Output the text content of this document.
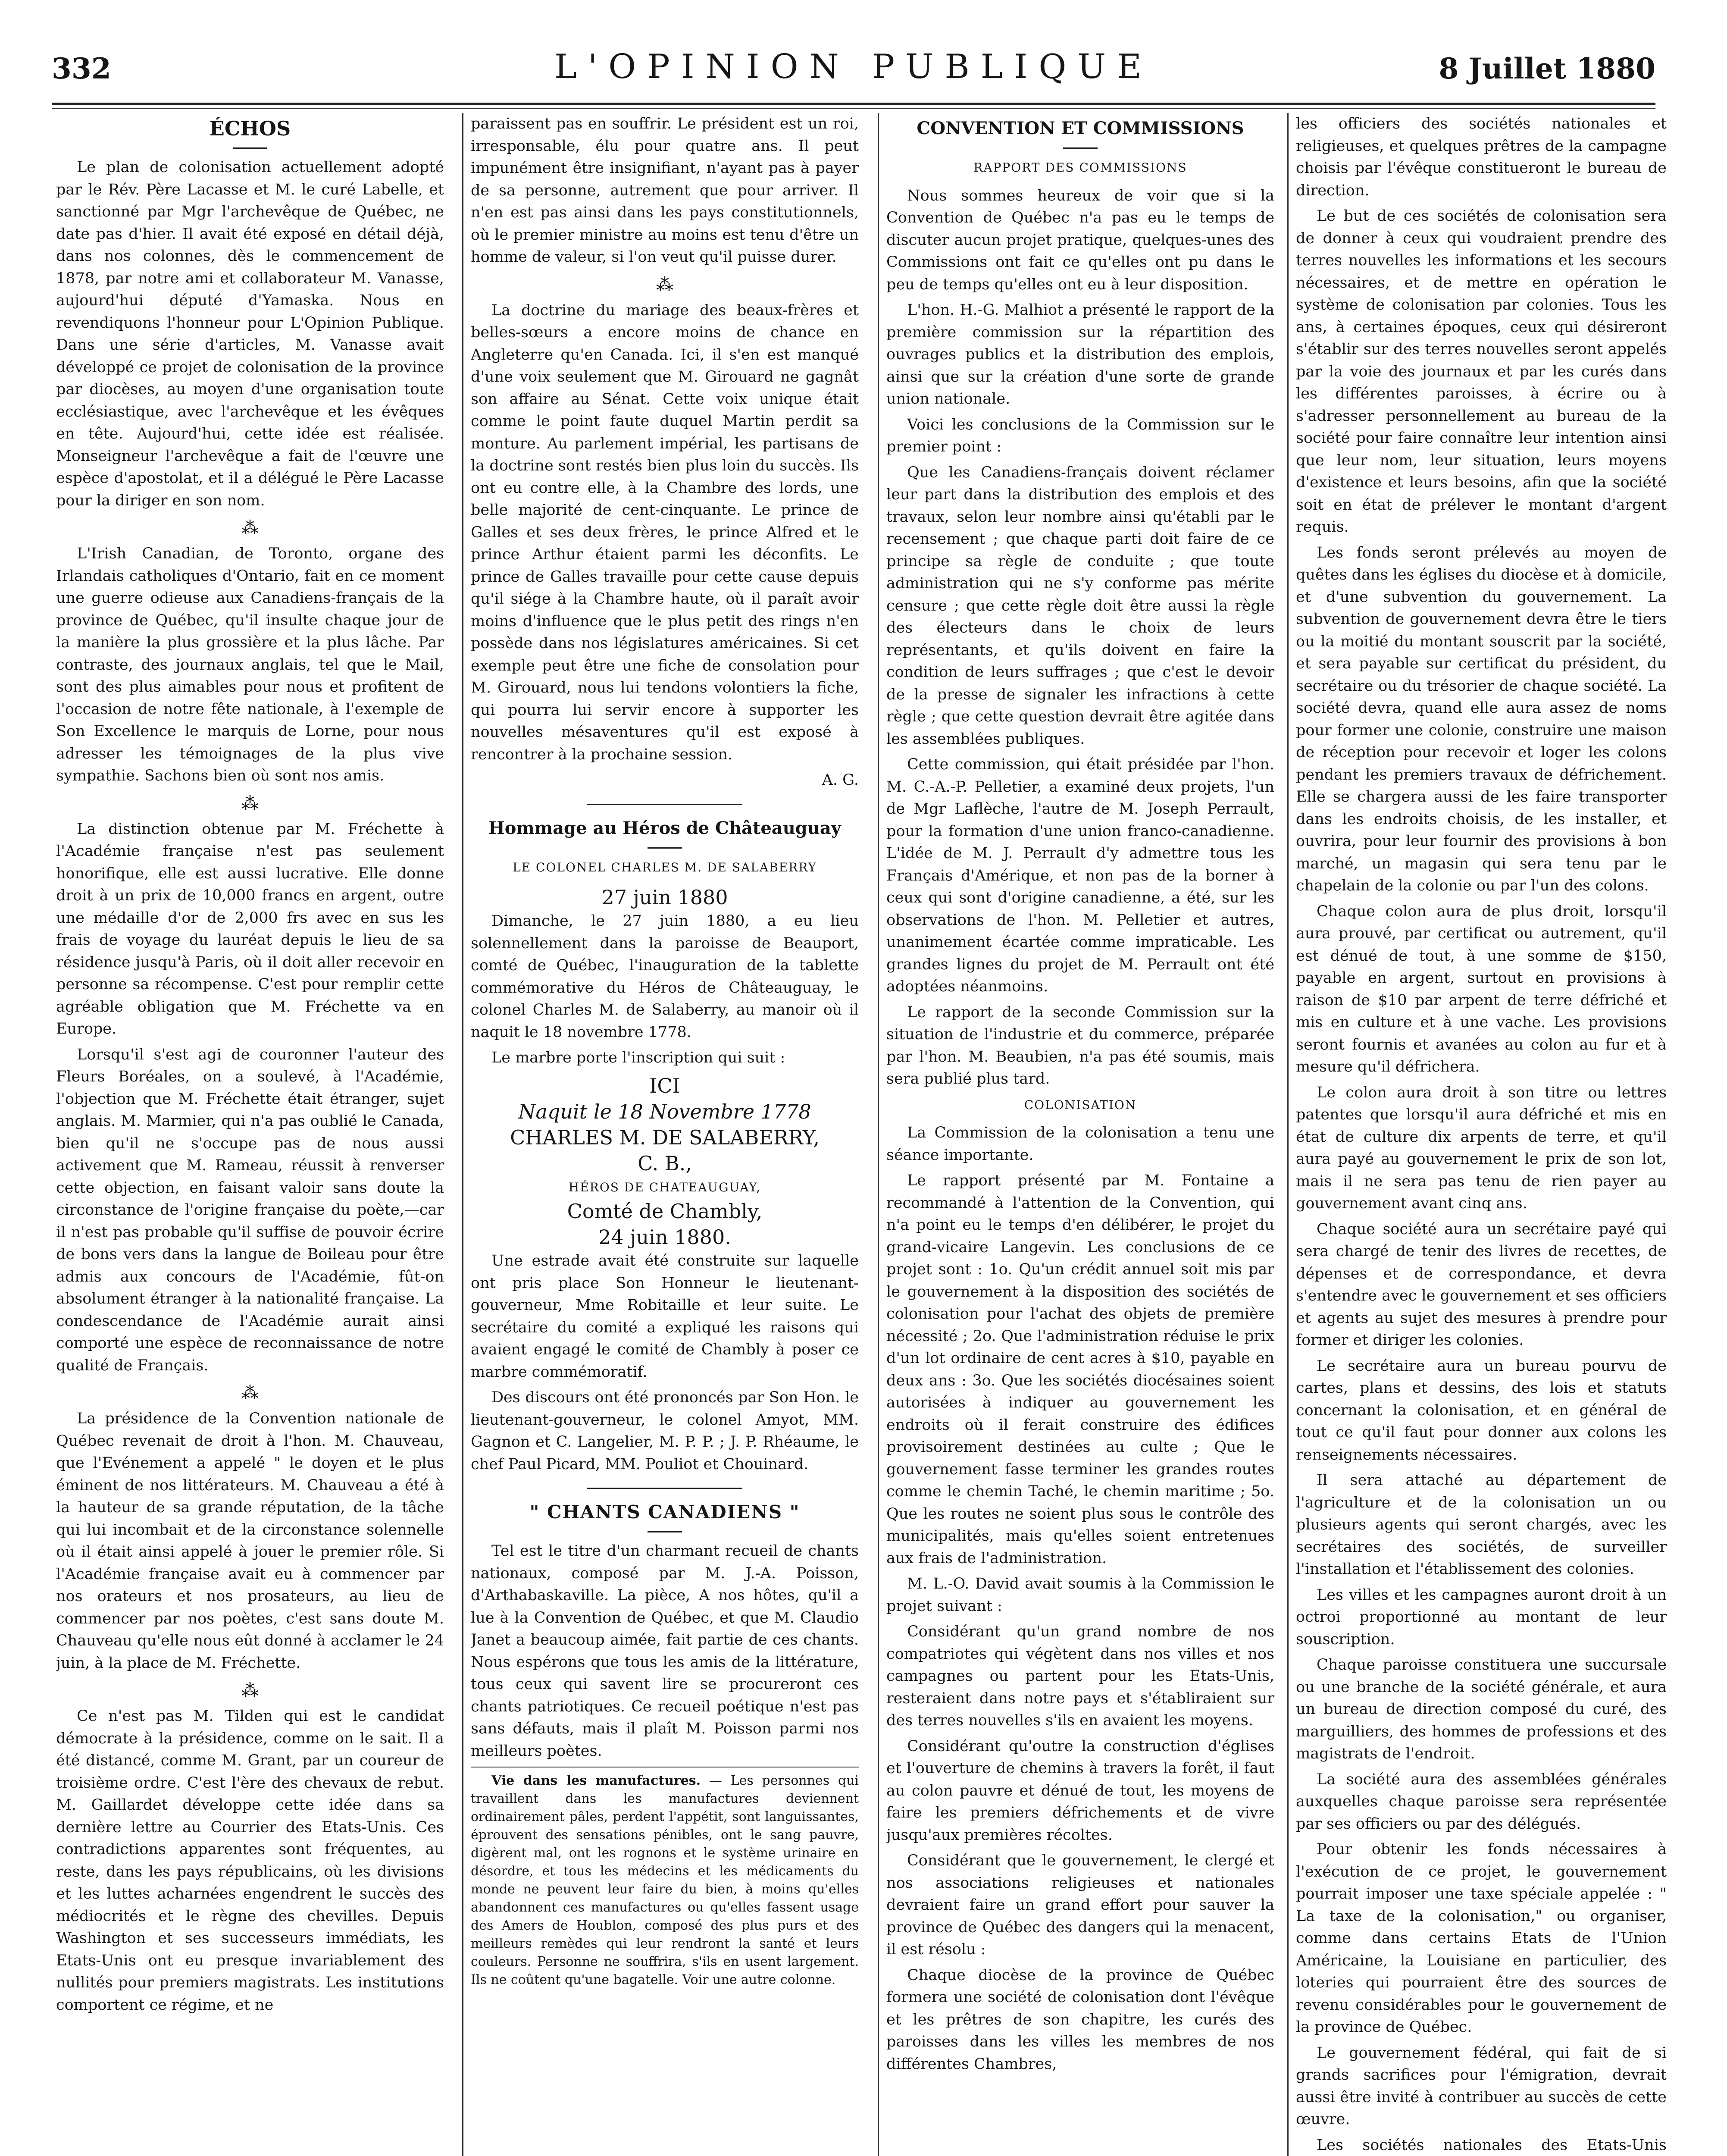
332	L'OPINION PUBLIQUE	8 Juillet 1880
ÉCHOS

Le plan de colonisation actuellement adopté par le Rév. Père Lacasse et M. le curé Labelle, et sanctionné par Mgr l'archevêque de Québec, ne date pas d'hier. Il avait été exposé en détail déjà, dans nos colonnes, dès le commencement de 1878, par notre ami et collaborateur M. Vanasse, aujourd'hui député d'Yamaska. Nous en revendiquons l'honneur pour L'Opinion Publique. Dans une série d'articles, M. Vanasse avait développé ce projet de colonisation de la province par diocèses, au moyen d'une organisation toute ecclésiastique, avec l'archevêque et les évêques en tête. Aujourd'hui, cette idée est réalisée. Monseigneur l'archevêque a fait de l'œuvre une espèce d'apostolat, et il a délégué le Père Lacasse pour la diriger en son nom.

⁂

L'Irish Canadian, de Toronto, organe des Irlandais catholiques d'Ontario, fait en ce moment une guerre odieuse aux Canadiens-français de la province de Québec, qu'il insulte chaque jour de la manière la plus grossière et la plus lâche. Par contraste, des journaux anglais, tel que le Mail, sont des plus aimables pour nous et profitent de l'occasion de notre fête nationale, à l'exemple de Son Excellence le marquis de Lorne, pour nous adresser les témoignages de la plus vive sympathie. Sachons bien où sont nos amis.

⁂

La distinction obtenue par M. Fréchette à l'Académie française n'est pas seulement honorifique, elle est aussi lucrative. Elle donne droit à un prix de 10,000 francs en argent, outre une médaille d'or de 2,000 frs avec en sus les frais de voyage du lauréat depuis le lieu de sa résidence jusqu'à Paris, où il doit aller recevoir en personne sa récompense. C'est pour remplir cette agréable obligation que M. Fréchette va en Europe.

Lorsqu'il s'est agi de couronner l'auteur des Fleurs Boréales, on a soulevé, à l'Académie, l'objection que M. Fréchette était étranger, sujet anglais. M. Marmier, qui n'a pas oublié le Canada, bien qu'il ne s'occupe pas de nous aussi activement que M. Rameau, réussit à renverser cette objection, en faisant valoir sans doute la circonstance de l'origine française du poète,—car il n'est pas probable qu'il suffise de pouvoir écrire de bons vers dans la langue de Boileau pour être admis aux concours de l'Académie, fût-on absolument étranger à la nationalité française. La condescendance de l'Académie aurait ainsi comporté une espèce de reconnaissance de notre qualité de Français.

⁂

La présidence de la Convention nationale de Québec revenait de droit à l'hon. M. Chauveau, que l'Evénement a appelé " le doyen et le plus éminent de nos littérateurs. M. Chauveau a été à la hauteur de sa grande réputation, de la tâche qui lui incombait et de la circonstance solennelle où il était ainsi appelé à jouer le premier rôle. Si l'Académie française avait eu à commencer par nos orateurs et nos prosateurs, au lieu de commencer par nos poètes, c'est sans doute M. Chauveau qu'elle nous eût donné à acclamer le 24 juin, à la place de M. Fréchette.

⁂

Ce n'est pas M. Tilden qui est le candidat démocrate à la présidence, comme on le sait. Il a été distancé, comme M. Grant, par un coureur de troisième ordre. C'est l'ère des chevaux de rebut. M. Gaillardet développe cette idée dans sa dernière lettre au Courrier des Etats-Unis. Ces contradictions apparentes sont fréquentes, au reste, dans les pays républicains, où les divisions et les luttes acharnées engendrent le succès des médiocrités et le règne des chevilles. Depuis Washington et ses successeurs immédiats, les Etats-Unis ont eu presque invariablement des nullités pour premiers magistrats. Les institutions comportent ce régime, et ne

paraissent pas en souffrir. Le président est un roi, irresponsable, élu pour quatre ans. Il peut impunément être insignifiant, n'ayant pas à payer de sa personne, autrement que pour arriver. Il n'en est pas ainsi dans les pays constitutionnels, où le premier ministre au moins est tenu d'être un homme de valeur, si l'on veut qu'il puisse durer.

⁂

La doctrine du mariage des beaux-frères et belles-sœurs a encore moins de chance en Angleterre qu'en Canada. Ici, il s'en est manqué d'une voix seulement que M. Girouard ne gagnât son affaire au Sénat. Cette voix unique était comme le point faute duquel Martin perdit sa monture. Au parlement impérial, les partisans de la doctrine sont restés bien plus loin du succès. Ils ont eu contre elle, à la Chambre des lords, une belle majorité de cent-cinquante. Le prince de Galles et ses deux frères, le prince Alfred et le prince Arthur étaient parmi les déconfits. Le prince de Galles travaille pour cette cause depuis qu'il siége à la Chambre haute, où il paraît avoir moins d'influence que le plus petit des rings n'en possède dans nos législatures américaines. Si cet exemple peut être une fiche de consolation pour M. Girouard, nous lui tendons volontiers la fiche, qui pourra lui servir encore à supporter les nouvelles mésaventures qu'il est exposé à rencontrer à la prochaine session.

A. G.
Hommage au Héros de Châteauguay
LE COLONEL CHARLES M. DE SALABERRY
27 juin 1880

Dimanche, le 27 juin 1880, a eu lieu solennellement dans la paroisse de Beauport, comté de Québec, l'inauguration de la tablette commémorative du Héros de Châteauguay, le colonel Charles M. de Salaberry, au manoir où il naquit le 18 novembre 1778.

Le marbre porte l'inscription qui suit :

ICI
Naquit le 18 Novembre 1778
CHARLES M. DE SALABERRY,
C. B.,
HÉROS DE CHATEAUGUAY,
Comté de Chambly,
24 juin 1880.

Une estrade avait été construite sur laquelle ont pris place Son Honneur le lieutenant-gouverneur, Mme Robitaille et leur suite. Le secrétaire du comité a expliqué les raisons qui avaient engagé le comité de Chambly à poser ce marbre commémoratif.

Des discours ont été prononcés par Son Hon. le lieutenant-gouverneur, le colonel Amyot, MM. Gagnon et C. Langelier, M. P. P. ; J. P. Rhéaume, le chef Paul Picard, MM. Pouliot et Chouinard.

" CHANTS CANADIENS "

Tel est le titre d'un charmant recueil de chants nationaux, composé par M. J.-A. Poisson, d'Arthabaskaville. La pièce, A nos hôtes, qu'il a lue à la Convention de Québec, et que M. Claudio Janet a beaucoup aimée, fait partie de ces chants. Nous espérons que tous les amis de la littérature, tous ceux qui savent lire se procureront ces chants patriotiques. Ce recueil poétique n'est pas sans défauts, mais il plaît M. Poisson parmi nos meilleurs poètes.

Vie dans les manufactures. — Les personnes qui travaillent dans les manufactures deviennent ordinairement pâles, perdent l'appétit, sont languissantes, éprouvent des sensations pénibles, ont le sang pauvre, digèrent mal, ont les rognons et le système urinaire en désordre, et tous les médecins et les médicaments du monde ne peuvent leur faire du bien, à moins qu'elles abandonnent ces manufactures ou qu'elles fassent usage des Amers de Houblon, composé des plus purs et des meilleurs remèdes qui leur rendront la santé et leurs couleurs. Personne ne souffrira, s'ils en usent largement. Ils ne coûtent qu'une bagatelle. Voir une autre colonne.

CONVENTION ET COMMISSIONS
RAPPORT DES COMMISSIONS

Nous sommes heureux de voir que si la Convention de Québec n'a pas eu le temps de discuter aucun projet pratique, quelques-unes des Commissions ont fait ce qu'elles ont pu dans le peu de temps qu'elles ont eu à leur disposition.

L'hon. H.-G. Malhiot a présenté le rapport de la première commission sur la répartition des ouvrages publics et la distribution des emplois, ainsi que sur la création d'une sorte de grande union nationale.

Voici les conclusions de la Commission sur le premier point :

Que les Canadiens-français doivent réclamer leur part dans la distribution des emplois et des travaux, selon leur nombre ainsi qu'établi par le recensement ; que chaque parti doit faire de ce principe sa règle de conduite ; que toute administration qui ne s'y conforme pas mérite censure ; que cette règle doit être aussi la règle des électeurs dans le choix de leurs représentants, et qu'ils doivent en faire la condition de leurs suffrages ; que c'est le devoir de la presse de signaler les infractions à cette règle ; que cette question devrait être agitée dans les assemblées publiques.

Cette commission, qui était présidée par l'hon. M. C.-A.-P. Pelletier, a examiné deux projets, l'un de Mgr Laflèche, l'autre de M. Joseph Perrault, pour la formation d'une union franco-canadienne. L'idée de M. J. Perrault d'y admettre tous les Français d'Amérique, et non pas de la borner à ceux qui sont d'origine canadienne, a été, sur les observations de l'hon. M. Pelletier et autres, unanimement écartée comme impraticable. Les grandes lignes du projet de M. Perrault ont été adoptées néanmoins.

Le rapport de la seconde Commission sur la situation de l'industrie et du commerce, préparée par l'hon. M. Beaubien, n'a pas été soumis, mais sera publié plus tard.

COLONISATION

La Commission de la colonisation a tenu une séance importante.

Le rapport présenté par M. Fontaine a recommandé à l'attention de la Convention, qui n'a point eu le temps d'en délibérer, le projet du grand-vicaire Langevin. Les conclusions de ce projet sont : 1o. Qu'un crédit annuel soit mis par le gouvernement à la disposition des sociétés de colonisation pour l'achat des objets de première nécessité ; 2o. Que l'administration réduise le prix d'un lot ordinaire de cent acres à $10, payable en deux ans : 3o. Que les sociétés diocésaines soient autorisées à indiquer au gouvernement les endroits où il ferait construire des édifices provisoirement destinées au culte ; Que le gouvernement fasse terminer les grandes routes comme le chemin Taché, le chemin maritime ; 5o. Que les routes ne soient plus sous le contrôle des municipalités, mais qu'elles soient entretenues aux frais de l'administration.

M. L.-O. David avait soumis à la Commission le projet suivant :

Considérant qu'un grand nombre de nos compatriotes qui végètent dans nos villes et nos campagnes ou partent pour les Etats-Unis, resteraient dans notre pays et s'établiraient sur des terres nouvelles s'ils en avaient les moyens.

Considérant qu'outre la construction d'églises et l'ouverture de chemins à travers la forêt, il faut au colon pauvre et dénué de tout, les moyens de faire les premiers défrichements et de vivre jusqu'aux premières récoltes.

Considérant que le gouvernement, le clergé et nos associations religieuses et nationales devraient faire un grand effort pour sauver la province de Québec des dangers qui la menacent, il est résolu :

Chaque diocèse de la province de Québec formera une société de colonisation dont l'évêque et les prêtres de son chapitre, les curés des paroisses dans les villes les membres de nos différentes Chambres,

les officiers des sociétés nationales et religieuses, et quelques prêtres de la campagne choisis par l'évêque constitueront le bureau de direction.

Le but de ces sociétés de colonisation sera de donner à ceux qui voudraient prendre des terres nouvelles les informations et les secours nécessaires, et de mettre en opération le système de colonisation par colonies. Tous les ans, à certaines époques, ceux qui désireront s'établir sur des terres nouvelles seront appelés par la voie des journaux et par les curés dans les différentes paroisses, à écrire ou à s'adresser personnellement au bureau de la société pour faire connaître leur intention ainsi que leur nom, leur situation, leurs moyens d'existence et leurs besoins, afin que la société soit en état de prélever le montant d'argent requis.

Les fonds seront prélevés au moyen de quêtes dans les églises du diocèse et à domicile, et d'une subvention du gouvernement. La subvention de gouvernement devra être le tiers ou la moitié du montant souscrit par la société, et sera payable sur certificat du président, du secrétaire ou du trésorier de chaque société. La société devra, quand elle aura assez de noms pour former une colonie, construire une maison de réception pour recevoir et loger les colons pendant les premiers travaux de défrichement. Elle se chargera aussi de les faire transporter dans les endroits choisis, de les installer, et ouvrira, pour leur fournir des provisions à bon marché, un magasin qui sera tenu par le chapelain de la colonie ou par l'un des colons.

Chaque colon aura de plus droit, lorsqu'il aura prouvé, par certificat ou autrement, qu'il est dénué de tout, à une somme de $150, payable en argent, surtout en provisions à raison de $10 par arpent de terre défriché et mis en culture et à une vache. Les provisions seront fournis et avanées au colon au fur et à mesure qu'il défrichera.

Le colon aura droit à son titre ou lettres patentes que lorsqu'il aura défriché et mis en état de culture dix arpents de terre, et qu'il aura payé au gouvernement le prix de son lot, mais il ne sera pas tenu de rien payer au gouvernement avant cinq ans.

Chaque société aura un secrétaire payé qui sera chargé de tenir des livres de recettes, de dépenses et de correspondance, et devra s'entendre avec le gouvernement et ses officiers et agents au sujet des mesures à prendre pour former et diriger les colonies.

Le secrétaire aura un bureau pourvu de cartes, plans et dessins, des lois et statuts concernant la colonisation, et en général de tout ce qu'il faut pour donner aux colons les renseignements nécessaires.

Il sera attaché au département de l'agriculture et de la colonisation un ou plusieurs agents qui seront chargés, avec les secrétaires des sociétés, de surveiller l'installation et l'établissement des colonies.

Les villes et les campagnes auront droit à un octroi proportionné au montant de leur souscription.

Chaque paroisse constituera une succursale ou une branche de la société générale, et aura un bureau de direction composé du curé, des marguilliers, des hommes de professions et des magistrats de l'endroit.

La société aura des assemblées générales auxquelles chaque paroisse sera représentée par ses officiers ou par des délégués.

Pour obtenir les fonds nécessaires à l'exécution de ce projet, le gouvernement pourrait imposer une taxe spéciale appelée : " La taxe de la colonisation," ou organiser, comme dans certains Etats de l'Union Américaine, la Louisiane en particulier, des loteries qui pourraient être des sources de revenu considérables pour le gouvernement de la province de Québec.

Le gouvernement fédéral, qui fait de si grands sacrifices pour l'émigration, devrait aussi être invité à contribuer au succès de cette œuvre.

Les sociétés nationales des Etats-Unis
